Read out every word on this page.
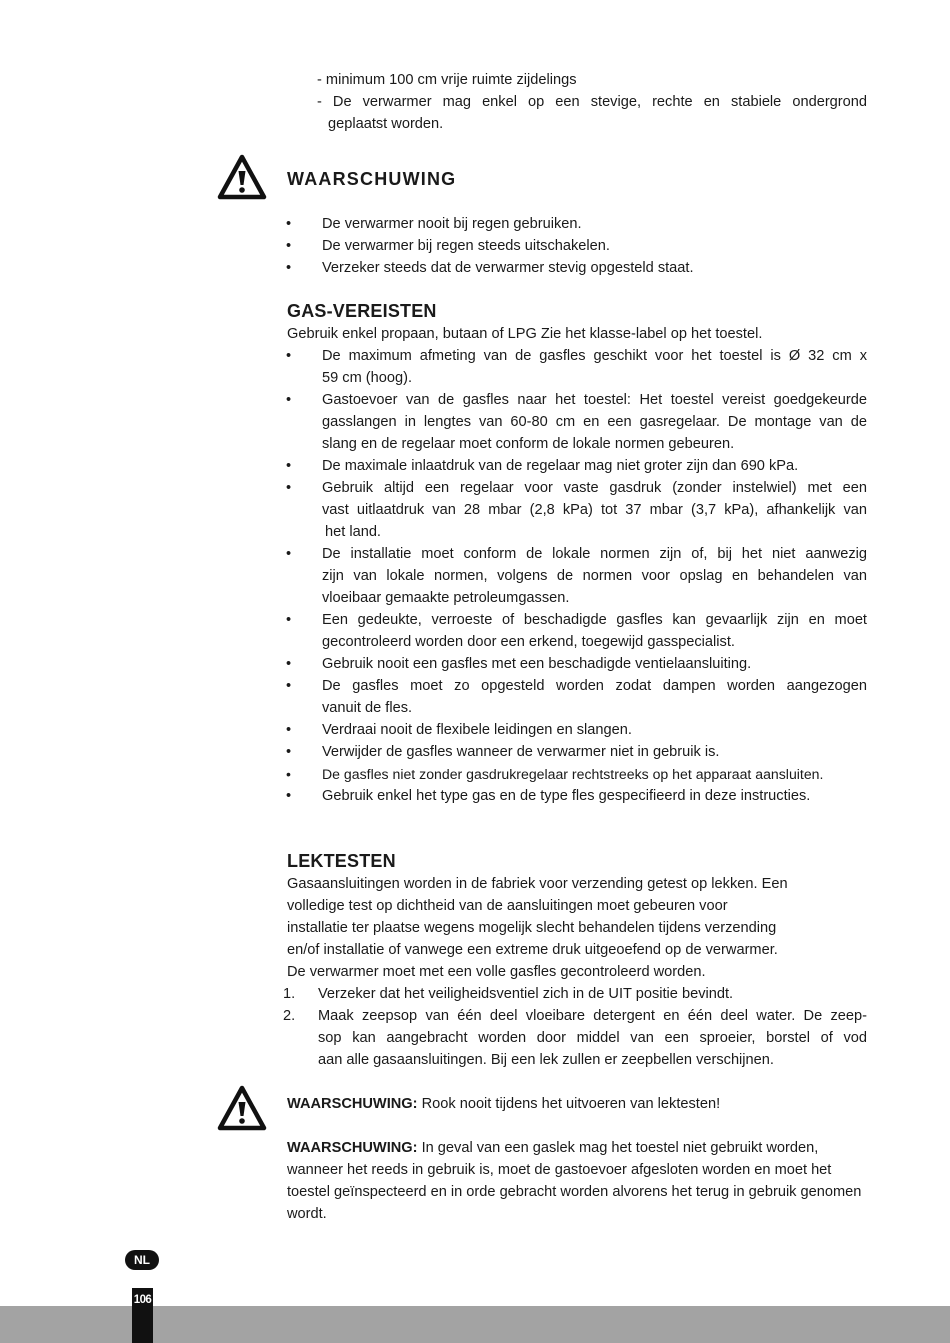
- minimum 100 cm vrije ruimte zijdelings

- De verwarmer mag enkel op een stevige, rechte en stabiele ondergrond

geplaatst worden.

WAARSCHUWING

• De verwarmer nooit bij regen gebruiken.

• De verwarmer bij regen steeds uitschakelen.

• Verzeker steeds dat de verwarmer stevig opgesteld staat.

GAS-VEREISTEN

Gebruik enkel propaan, butaan of LPG Zie het klasse-label op het toestel.

• De maximum afmeting van de gasfles geschikt voor het toestel is Ø 32 cm x

59 cm (hoog).

• Gastoevoer van de gasfles naar het toestel: Het toestel vereist goedgekeurde

gasslangen in lengtes van 60-80 cm en een gasregelaar. De montage van de

slang en de regelaar moet conform de lokale normen gebeuren.

• De maximale inlaatdruk van de regelaar mag niet groter zijn dan 690 kPa.

• Gebruik altijd een regelaar voor vaste gasdruk (zonder instelwiel) met een

vast uitlaatdruk van 28 mbar (2,8 kPa) tot 37 mbar (3,7 kPa), afhankelijk van

het land.

• De installatie moet conform de lokale normen zijn of, bij het niet aanwezig

zijn van lokale normen, volgens de normen voor opslag en behandelen van

vloeibaar gemaakte petroleumgassen.

• Een gedeukte, verroeste of beschadigde gasfles kan gevaarlijk zijn en moet

gecontroleerd worden door een erkend, toegewijd gasspecialist.

• Gebruik nooit een gasfles met een beschadigde ventielaansluiting.

• De gasfles moet zo opgesteld worden zodat dampen worden aangezogen

vanuit de fles.

• Verdraai nooit de flexibele leidingen en slangen.

• Verwijder de gasfles wanneer de verwarmer niet in gebruik is.

• De gasfles niet zonder gasdrukregelaar rechtstreeks op het apparaat aansluiten.

• Gebruik enkel het type gas en de type fles gespecifieerd in deze instructies.

LEKTESTEN

Gasaansluitingen worden in de fabriek voor verzending getest op lekken. Een

volledige test op dichtheid van de aansluitingen moet gebeuren voor

installatie ter plaatse wegens mogelijk slecht behandelen tijdens verzending

en/of installatie of vanwege een extreme druk uitgeoefend op de verwarmer.

De verwarmer moet met een volle gasfles gecontroleerd worden.

1. Verzeker dat het veiligheidsventiel zich in de UIT positie bevindt.

2. Maak zeepsop van één deel vloeibare detergent en één deel water. De zeep-

sop kan aangebracht worden door middel van een sproeier, borstel of vod

aan alle gasaansluitingen. Bij een lek zullen er zeepbellen verschijnen.

WAARSCHUWING: Rook nooit tijdens het uitvoeren van lektesten!

WAARSCHUWING: In geval van een gaslek mag het toestel niet gebruikt worden, wanneer het reeds in gebruik is, moet de gastoevoer afgesloten worden en moet het toestel geïnspecteerd en in orde gebracht worden alvorens het terug in gebruik genomen wordt.

NL
106
